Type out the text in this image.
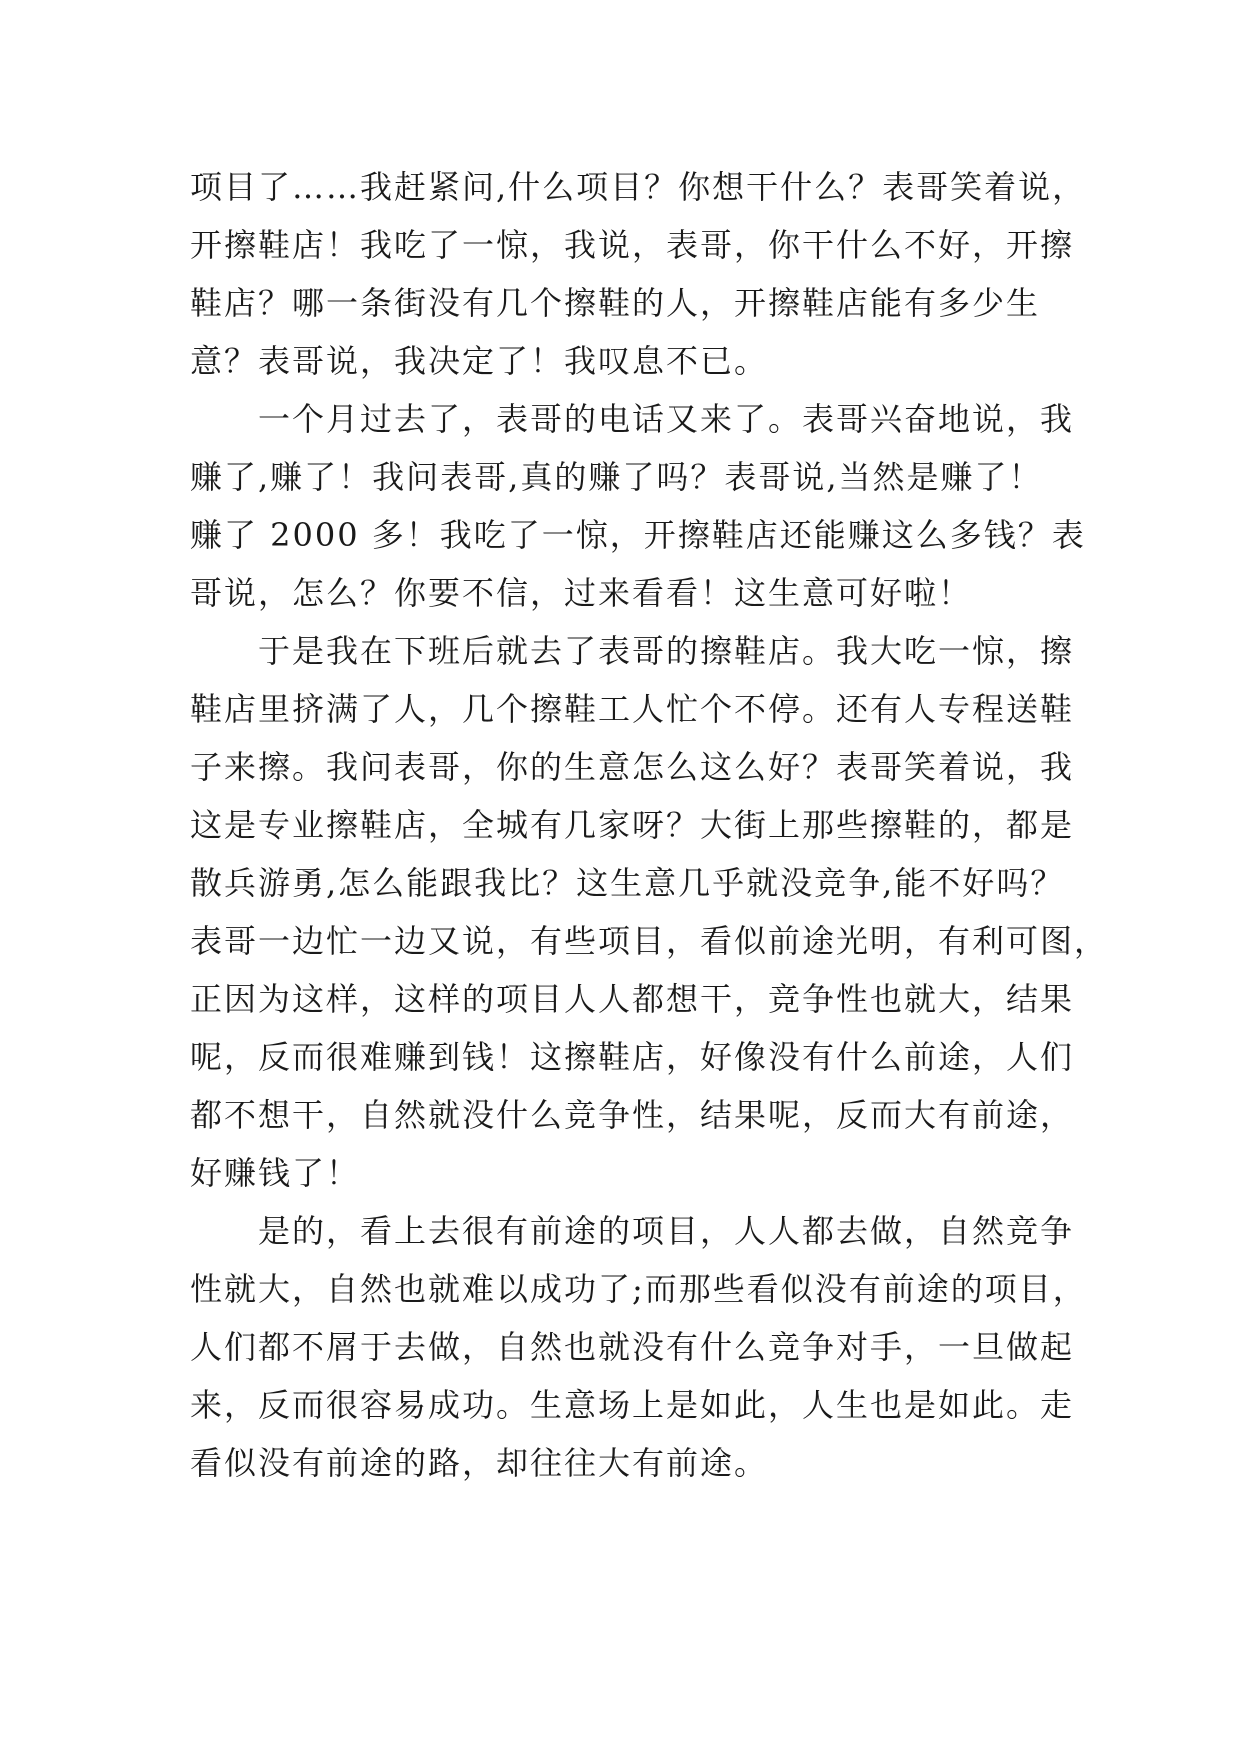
项目了……我赶紧问,什么项目？你想干什么？表哥笑着说，
开擦鞋店！我吃了一惊，我说，表哥，你干什么不好，开擦
鞋店？哪一条街没有几个擦鞋的人，开擦鞋店能有多少生
意？表哥说，我决定了！我叹息不已。
　　一个月过去了，表哥的电话又来了。表哥兴奋地说，我
赚了,赚了！我问表哥,真的赚了吗？表哥说,当然是赚了！
赚了 2000 多！我吃了一惊，开擦鞋店还能赚这么多钱？表
哥说，怎么？你要不信，过来看看！这生意可好啦！
　　于是我在下班后就去了表哥的擦鞋店。我大吃一惊，擦
鞋店里挤满了人，几个擦鞋工人忙个不停。还有人专程送鞋
子来擦。我问表哥，你的生意怎么这么好？表哥笑着说，我
这是专业擦鞋店，全城有几家呀？大街上那些擦鞋的，都是
散兵游勇,怎么能跟我比？这生意几乎就没竞争,能不好吗？
表哥一边忙一边又说，有些项目，看似前途光明，有利可图，
正因为这样，这样的项目人人都想干，竞争性也就大，结果
呢，反而很难赚到钱！这擦鞋店，好像没有什么前途，人们
都不想干，自然就没什么竞争性，结果呢，反而大有前途，
好赚钱了！
　　是的，看上去很有前途的项目，人人都去做，自然竞争
性就大，自然也就难以成功了;而那些看似没有前途的项目，
人们都不屑于去做，自然也就没有什么竞争对手，一旦做起
来，反而很容易成功。生意场上是如此，人生也是如此。走
看似没有前途的路，却往往大有前途。
